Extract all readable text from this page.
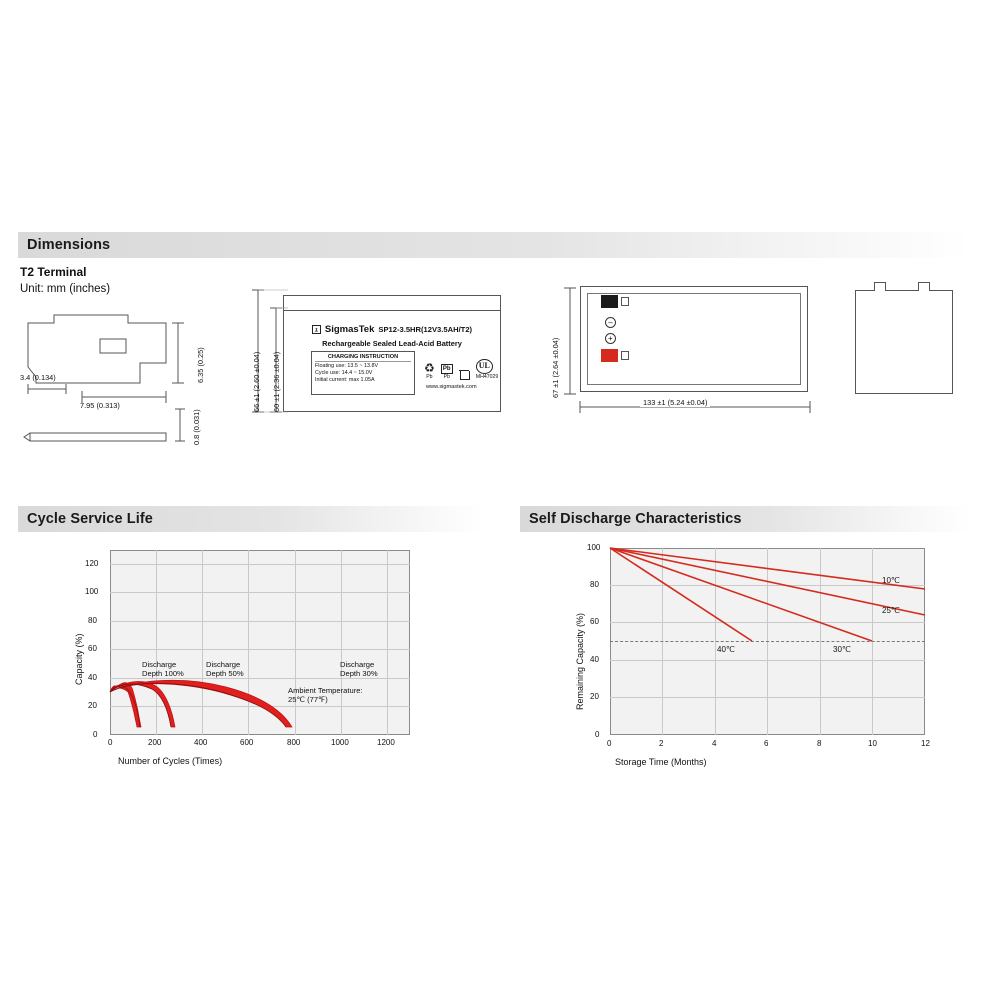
Dimensions
T2 Terminal
Unit: mm (inches)
6.35 (0.25)
7.95 (0.313)
3.4 (0.134)
0.8 (0.031)
SigmasTek SP12-3.5HR(12V3.5AH/T2)
Rechargeable Sealed Lead-Acid Battery
CHARGING INSTRUCTION
Floating use: 13.5 ~ 13.8V
Cycle use: 14.4 ~ 15.0V
Initial current: max 1.05A
♻
Pb
Pb
Pb
UL
MH47029
www.sigmastek.com
66 ±1 (2.60 ±0.04) 60 ±1 (2.36 ±0.04)
–
+
67 ±1 (2.64 ±0.04)
133 ±1 (5.24 ±0.04)
Cycle Service Life
0
20
40
60
80
100
120
0	200	400	600	800	1000	1200
Capacity (%)
Number of Cycles (Times)
Discharge
Depth 100%
Discharge
Depth 50%
Discharge
Depth 30%
Ambient Temperature:
25℃ (77℉)
Self Discharge Characteristics
0
20
40
60
80
100
0	2	4	6	8	10	12
Remaining Capacity (%)
Storage Time (Months)
10℃
25℃
30℃
40℃
